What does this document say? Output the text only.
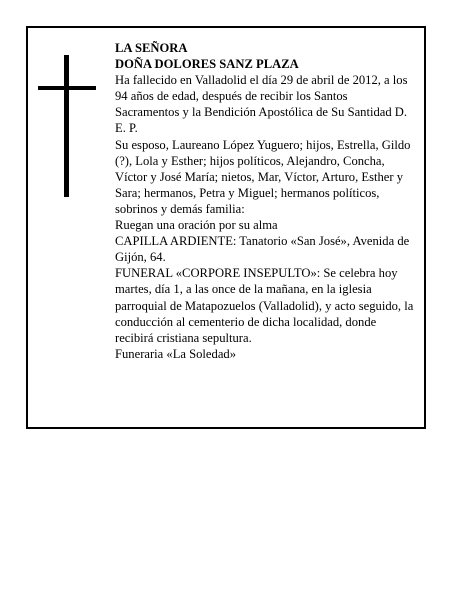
LA SEÑORA

DOÑA DOLORES SANZ PLAZA

Ha fallecido en Valladolid el día 29 de abril de 2012, a los 94 años de edad, después de recibir los Santos Sacramentos y la Bendición Apostólica de Su Santidad D. E. P.

Su esposo, Laureano López Yuguero; hijos, Estrella, Gildo (?), Lola y Esther; hijos políticos, Alejandro, Concha, Víctor y José María; nietos, Mar, Víctor, Arturo, Esther y Sara; hermanos, Petra y Miguel; hermanos políticos, sobrinos y demás familia:

Ruegan una oración por su alma

CAPILLA ARDIENTE: Tanatorio «San José», Avenida de Gijón, 64.

FUNERAL «CORPORE INSEPULTO»: Se celebra hoy martes, día 1, a las once de la mañana, en la iglesia parroquial de Matapozuelos (Valladolid), y acto seguido, la conducción al cementerio de dicha localidad, donde recibirá cristiana sepultura.

Funeraria «La Soledad»
